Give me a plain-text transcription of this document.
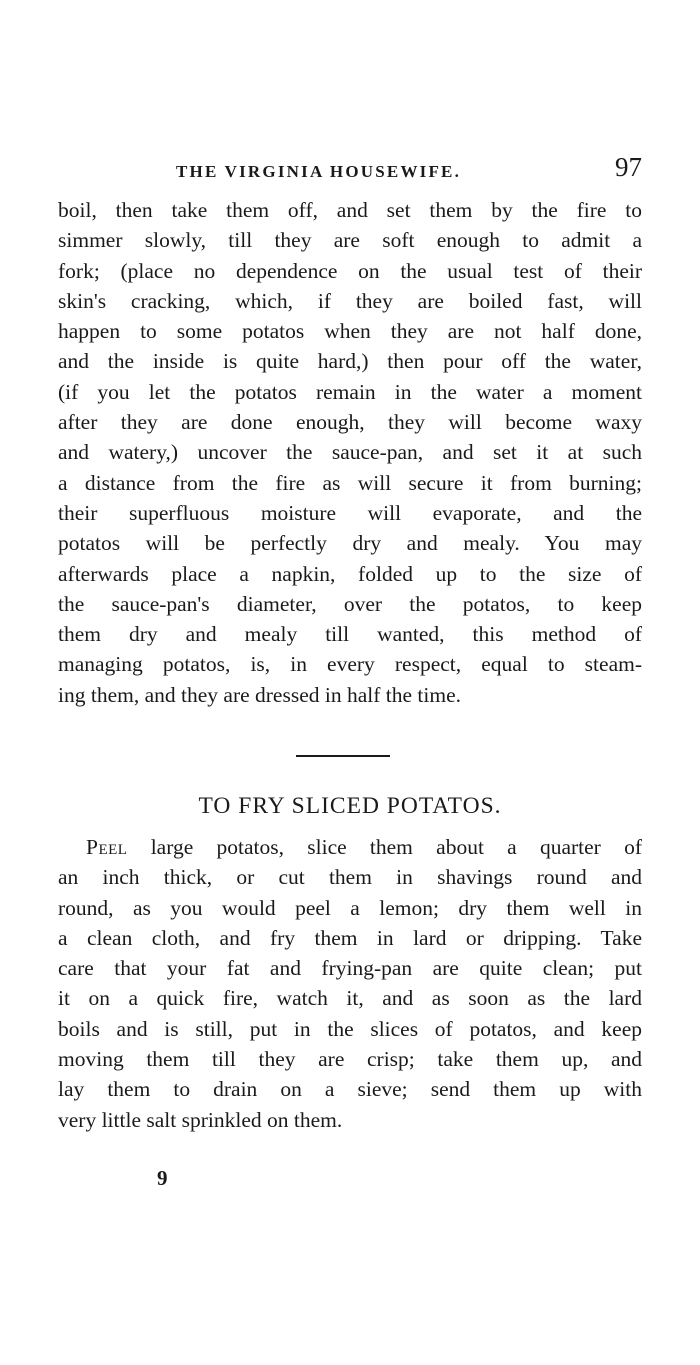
THE VIRGINIA HOUSEWIFE.	97
boil, then take them off, and set them by the fire to
simmer slowly, till they are soft enough to admit a
fork; (place no dependence on the usual test of their
skin's cracking, which, if they are boiled fast, will
happen to some potatos when they are not half done,
and the inside is quite hard,) then pour off the water,
(if you let the potatos remain in the water a moment
after they are done enough, they will become waxy
and watery,) uncover the sauce-pan, and set it at such
a distance from the fire as will secure it from burning;
their superfluous moisture will evaporate, and the
potatos will be perfectly dry and mealy. You may
afterwards place a napkin, folded up to the size of
the sauce-pan's diameter, over the potatos, to keep
them dry and mealy till wanted, this method of
managing potatos, is, in every respect, equal to steam-
ing them, and they are dressed in half the time.
TO FRY SLICED POTATOS.
Peel large potatos, slice them about a quarter of
an inch thick, or cut them in shavings round and
round, as you would peel a lemon; dry them well in
a clean cloth, and fry them in lard or dripping. Take
care that your fat and frying-pan are quite clean; put
it on a quick fire, watch it, and as soon as the lard
boils and is still, put in the slices of potatos, and keep
moving them till they are crisp; take them up, and
lay them to drain on a sieve; send them up with
very little salt sprinkled on them.
9
